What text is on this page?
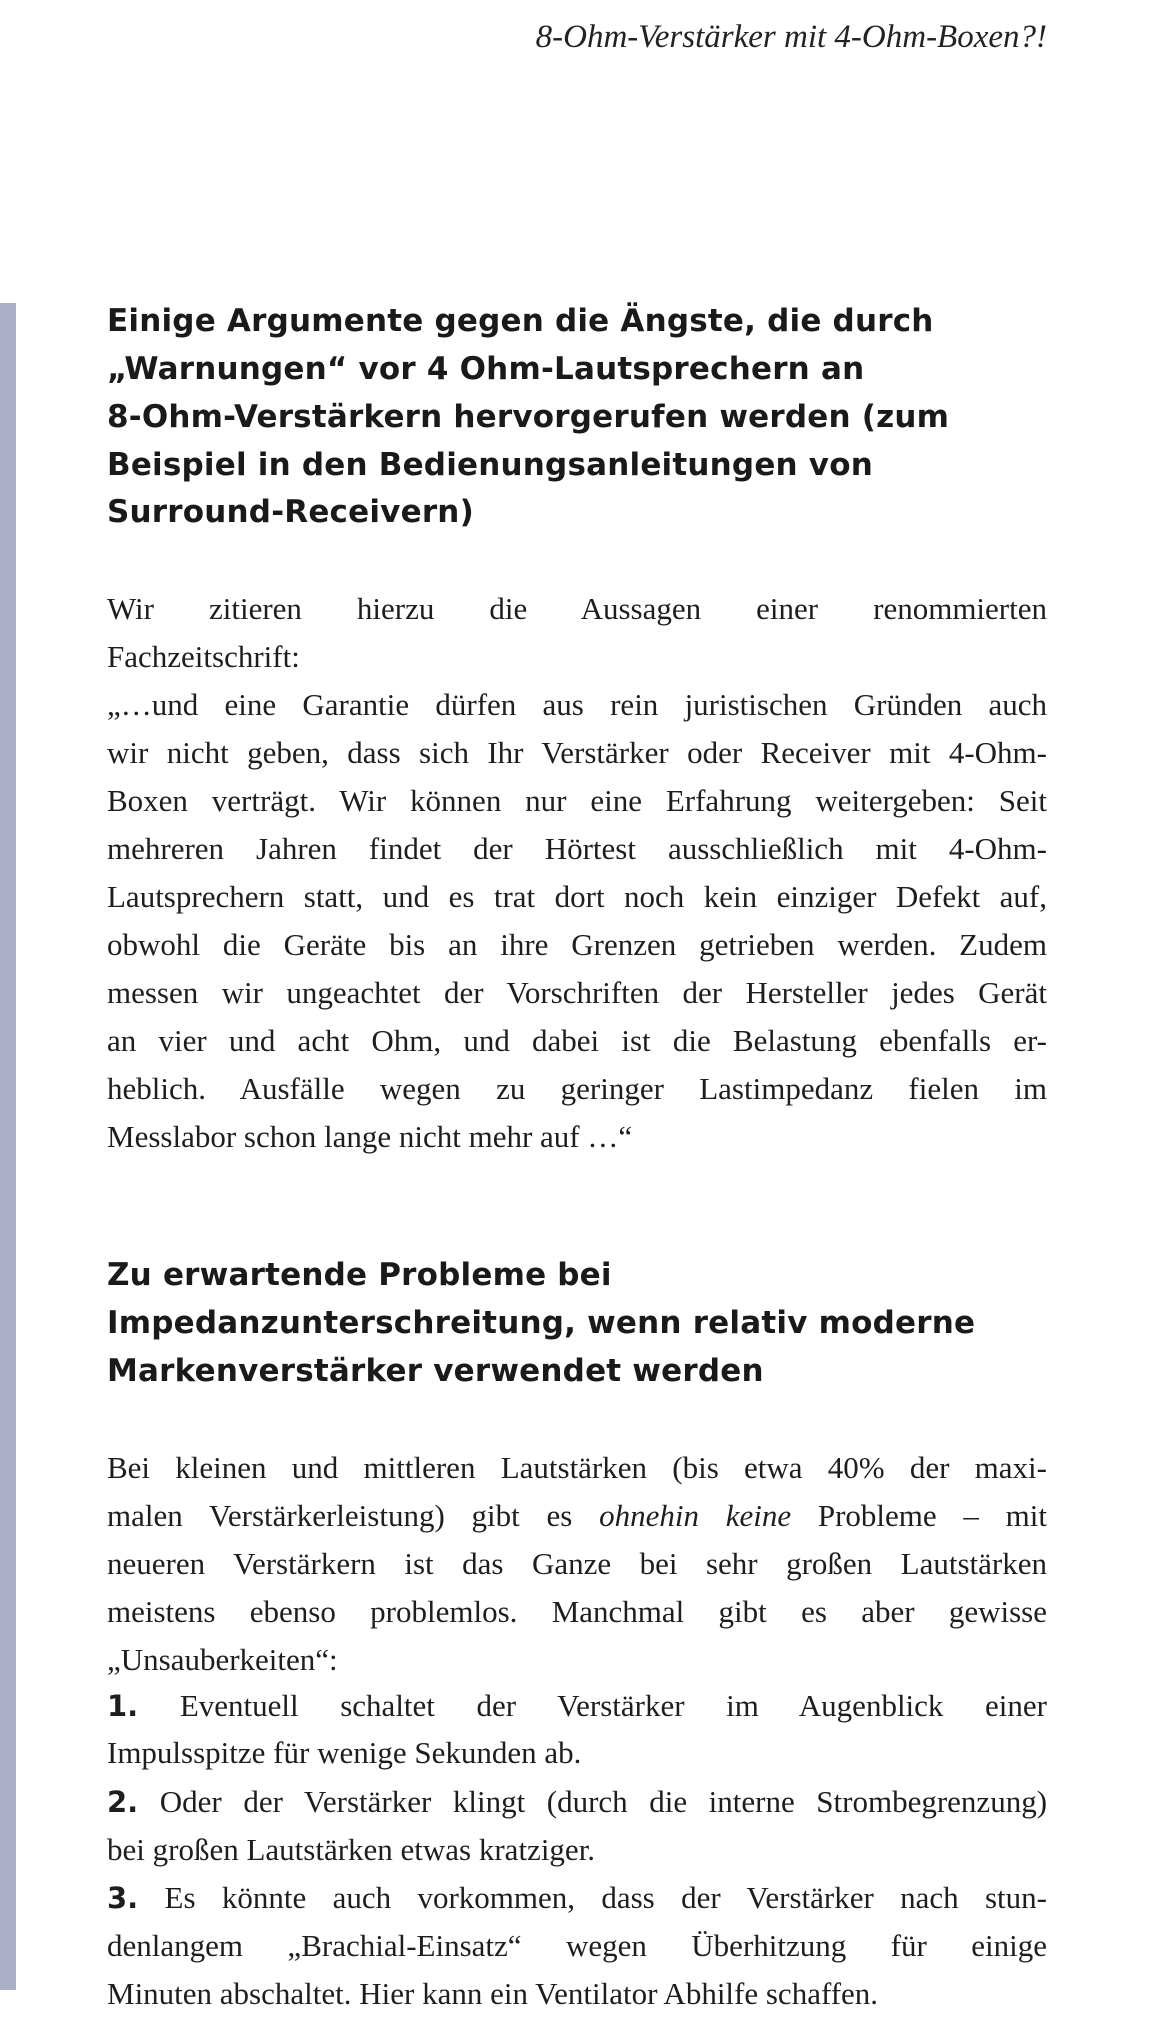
8-Ohm-Verstärker mit 4-Ohm-Boxen?!
Einige Argumente gegen die Ängste, die durch
„Warnungen“ vor 4 Ohm-Lautsprechern an
8-Ohm-Verstärkern hervorgerufen werden (zum
Beispiel in den Bedienungsanleitungen von
Surround-Receivern)
Wir zitieren hierzu die Aussagen einer renommierten
Fachzeitschrift:
„…und eine Garantie dürfen aus rein juristischen Gründen auch
wir nicht geben, dass sich Ihr Verstärker oder Receiver mit 4-Ohm-
Boxen verträgt. Wir können nur eine Erfahrung weitergeben: Seit
mehreren Jahren findet der Hörtest ausschließlich mit 4-Ohm-
Lautsprechern statt, und es trat dort noch kein einziger Defekt auf,
obwohl die Geräte bis an ihre Grenzen getrieben werden. Zudem
messen wir ungeachtet der Vorschriften der Hersteller jedes Gerät
an vier und acht Ohm, und dabei ist die Belastung ebenfalls er-
heblich. Ausfälle wegen zu geringer Lastimpedanz fielen im
Messlabor schon lange nicht mehr auf …“
Zu erwartende Probleme bei
Impedanzunterschreitung, wenn relativ moderne
Markenverstärker verwendet werden
Bei kleinen und mittleren Lautstärken (bis etwa 40% der maxi-
malen Verstärkerleistung) gibt es ohnehin keine Probleme – mit
neueren Verstärkern ist das Ganze bei sehr großen Lautstärken
meistens ebenso problemlos. Manchmal gibt es aber gewisse
„Unsauberkeiten“:
1. Eventuell schaltet der Verstärker im Augenblick einer
Impulsspitze für wenige Sekunden ab.
2. Oder der Verstärker klingt (durch die interne Strombegrenzung)
bei großen Lautstärken etwas kratziger.
3. Es könnte auch vorkommen, dass der Verstärker nach stun-
denlangem „Brachial-Einsatz“ wegen Überhitzung für einige
Minuten abschaltet. Hier kann ein Ventilator Abhilfe schaffen.
